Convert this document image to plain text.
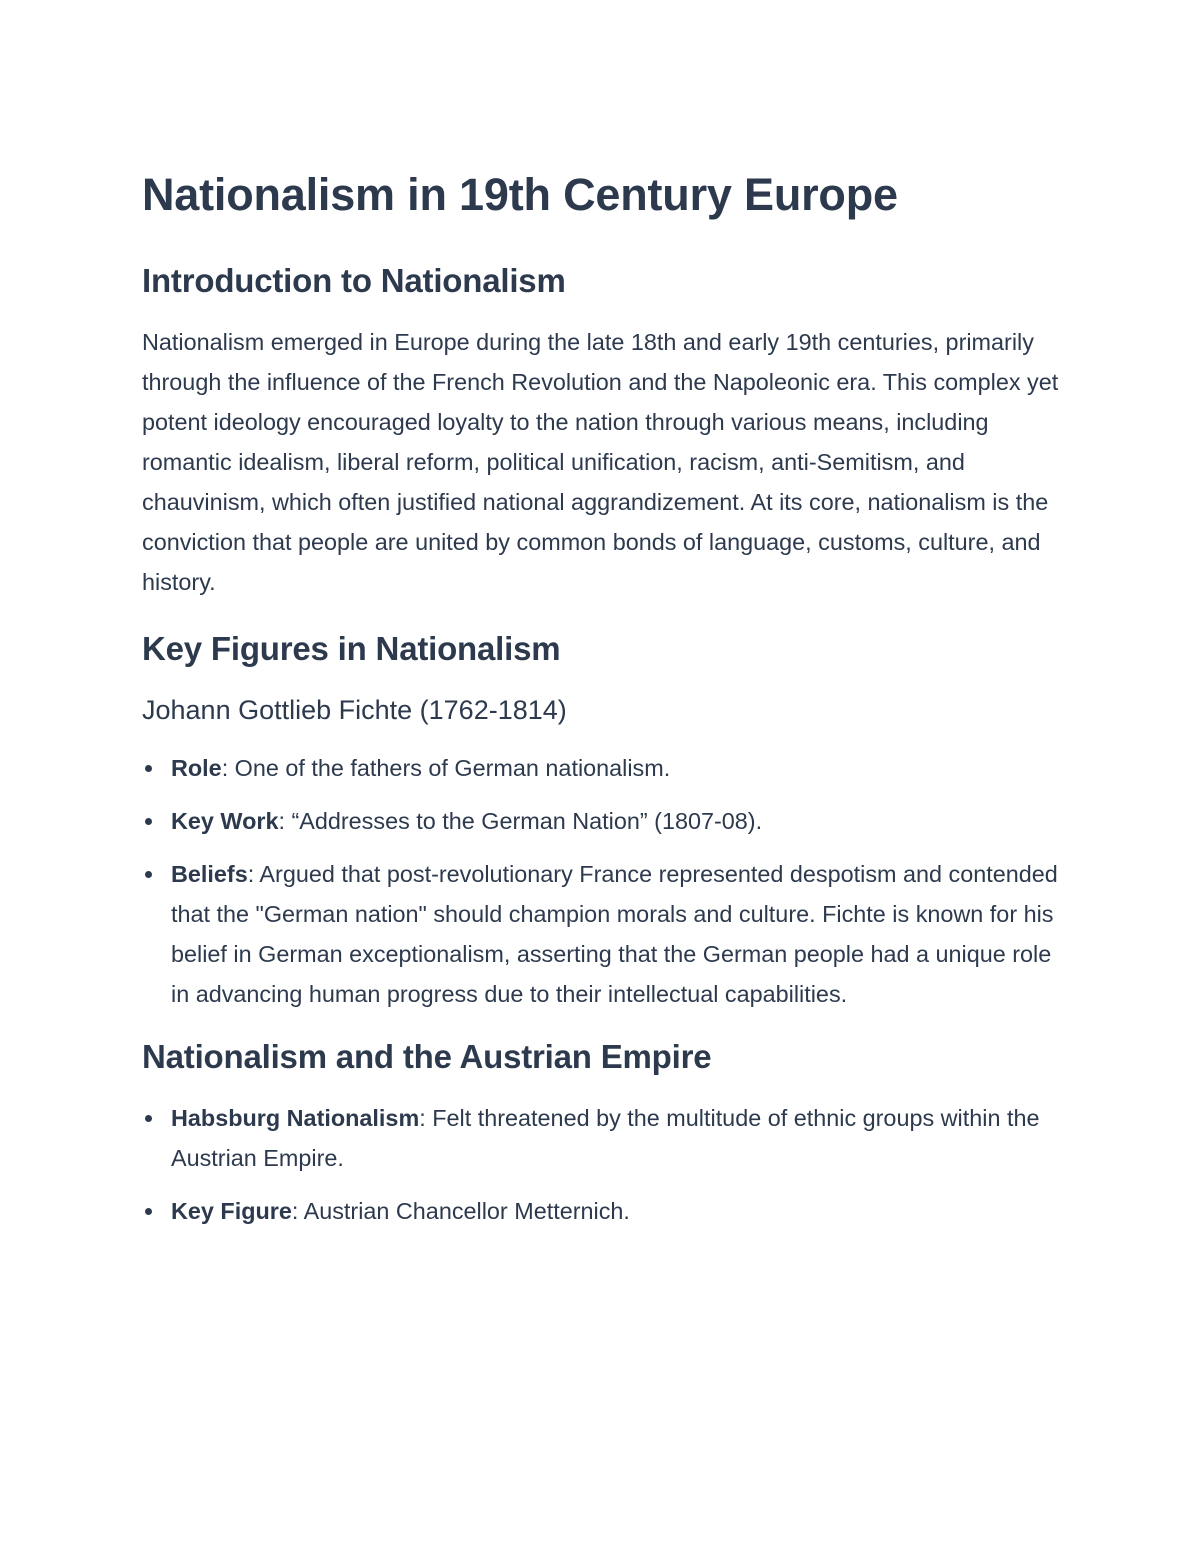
Nationalism in 19th Century Europe
Introduction to Nationalism

Nationalism emerged in Europe during the late 18th and early 19th centuries, primarily through the influence of the French Revolution and the Napoleonic era. This complex yet potent ideology encouraged loyalty to the nation through various means, including romantic idealism, liberal reform, political unification, racism, anti-Semitism, and chauvinism, which often justified national aggrandizement. At its core, nationalism is the conviction that people are united by common bonds of language, customs, culture, and history.

Key Figures in Nationalism
Johann Gottlieb Fichte (1762-1814)
Role: One of the fathers of German nationalism.
Key Work: “Addresses to the German Nation” (1807-08).
Beliefs: Argued that post-revolutionary France represented despotism and contended that the "German nation" should champion morals and culture. Fichte is known for his belief in German exceptionalism, asserting that the German people had a unique role in advancing human progress due to their intellectual capabilities.
Nationalism and the Austrian Empire
Habsburg Nationalism: Felt threatened by the multitude of ethnic groups within the Austrian Empire.
Key Figure: Austrian Chancellor Metternich.
